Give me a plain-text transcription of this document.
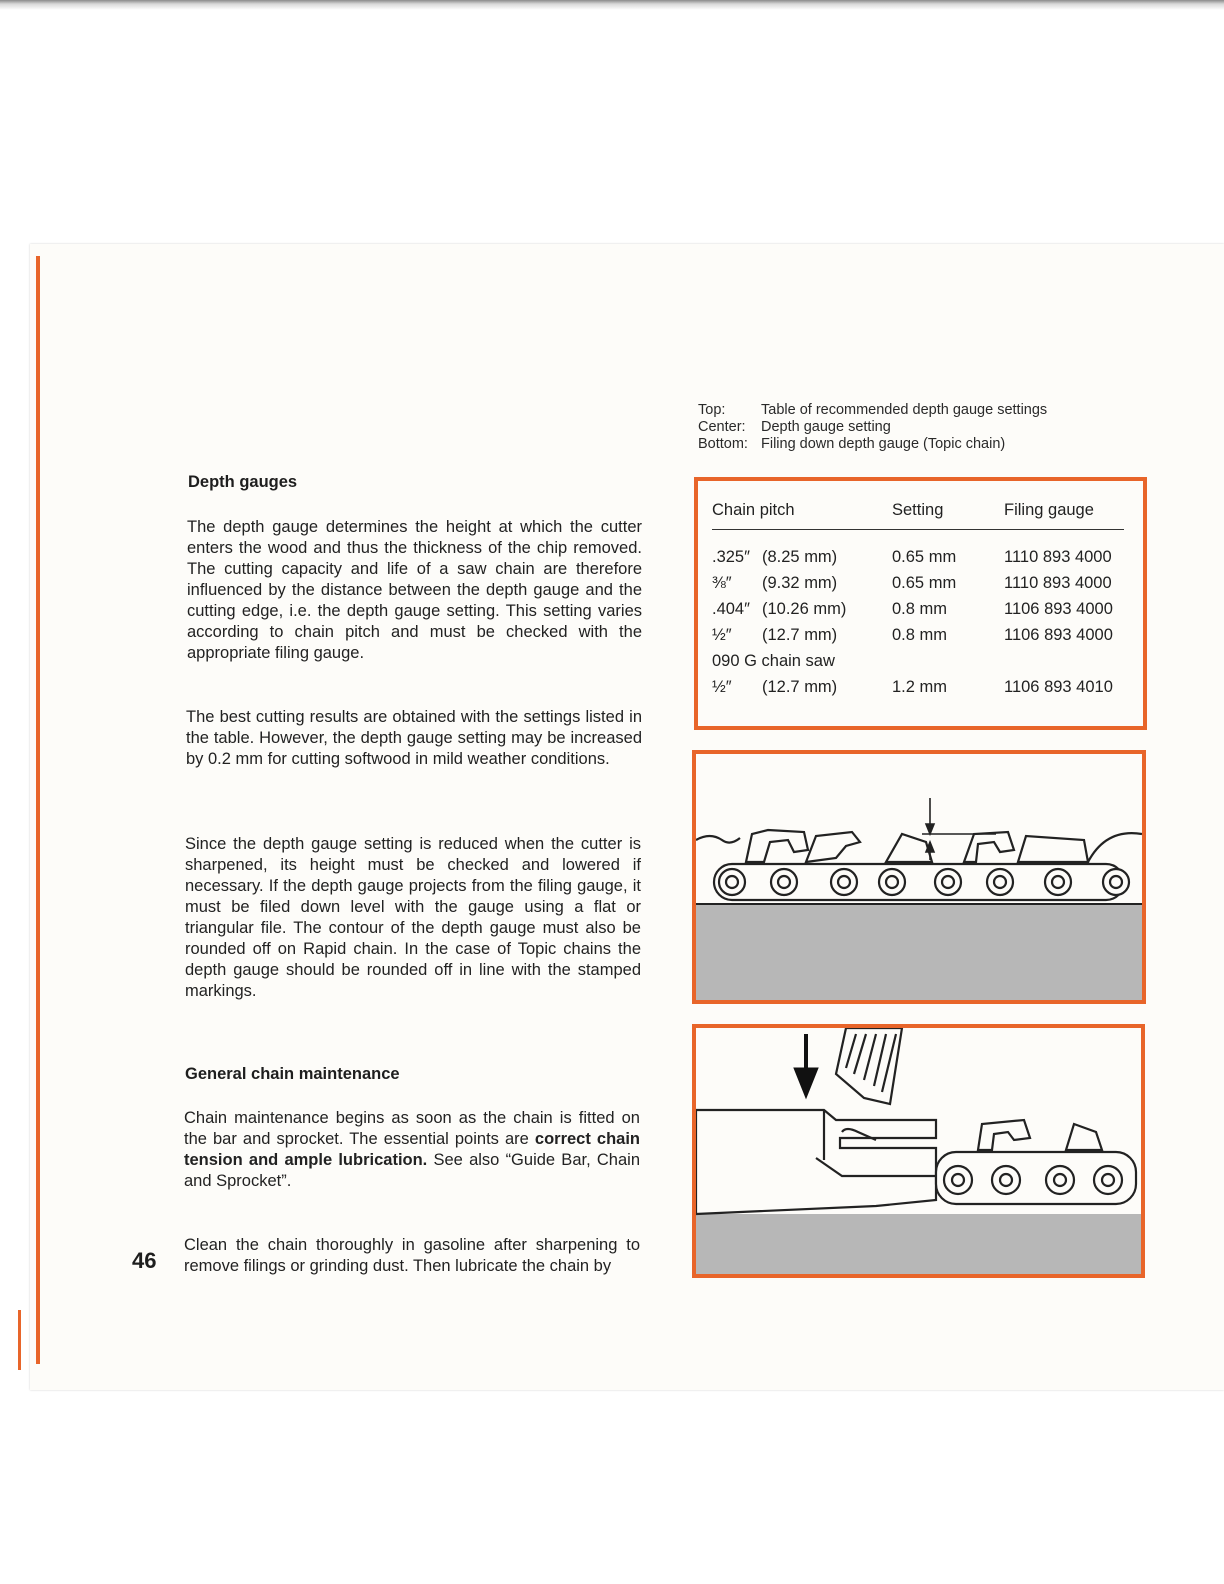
Top:	Table of recommended depth gauge settings
Center:	Depth gauge setting
Bottom: Filing down depth gauge (Topic chain)
Depth gauges

The depth gauge determines the height at which the cutter enters the wood and thus the thickness of the chip removed. The cutting capacity and life of a saw chain are therefore influenced by the distance between the depth gauge and the cutting edge, i.e. the depth gauge setting. This setting varies according to chain pitch and must be checked with the appropriate filing gauge.

The best cutting results are obtained with the settings listed in the table. However, the depth gauge setting may be increased by 0.2 mm for cutting softwood in mild weather conditions.

Since the depth gauge setting is reduced when the cutter is sharpened, its height must be checked and lowered if necessary. If the depth gauge projects from the filing gauge, it must be filed down level with the gauge using a flat or triangular file. The contour of the depth gauge must also be rounded off on Rapid chain. In the case of Topic chains the depth gauge should be rounded off in line with the stamped markings.

General chain maintenance

Chain maintenance begins as soon as the chain is fitted on the bar and sprocket. The essential points are correct chain tension and ample lubrication. See also “Guide Bar, Chain and Sprocket”.

Clean the chain thoroughly in gasoline after sharpening to remove filings or grinding dust. Then lubricate the chain by

46
Chain pitch	Setting	Filing gauge
.325″ (8.25 mm)	0.65 mm	1110 893 4000
⅜″ (9.32 mm)	0.65 mm	1110 893 4000
.404″ (10.26 mm)	0.8 mm	1106 893 4000
½″ (12.7 mm)	0.8 mm	1106 893 4000
090 G chain saw		
½″ (12.7 mm)	1.2 mm	1106 893 4010
